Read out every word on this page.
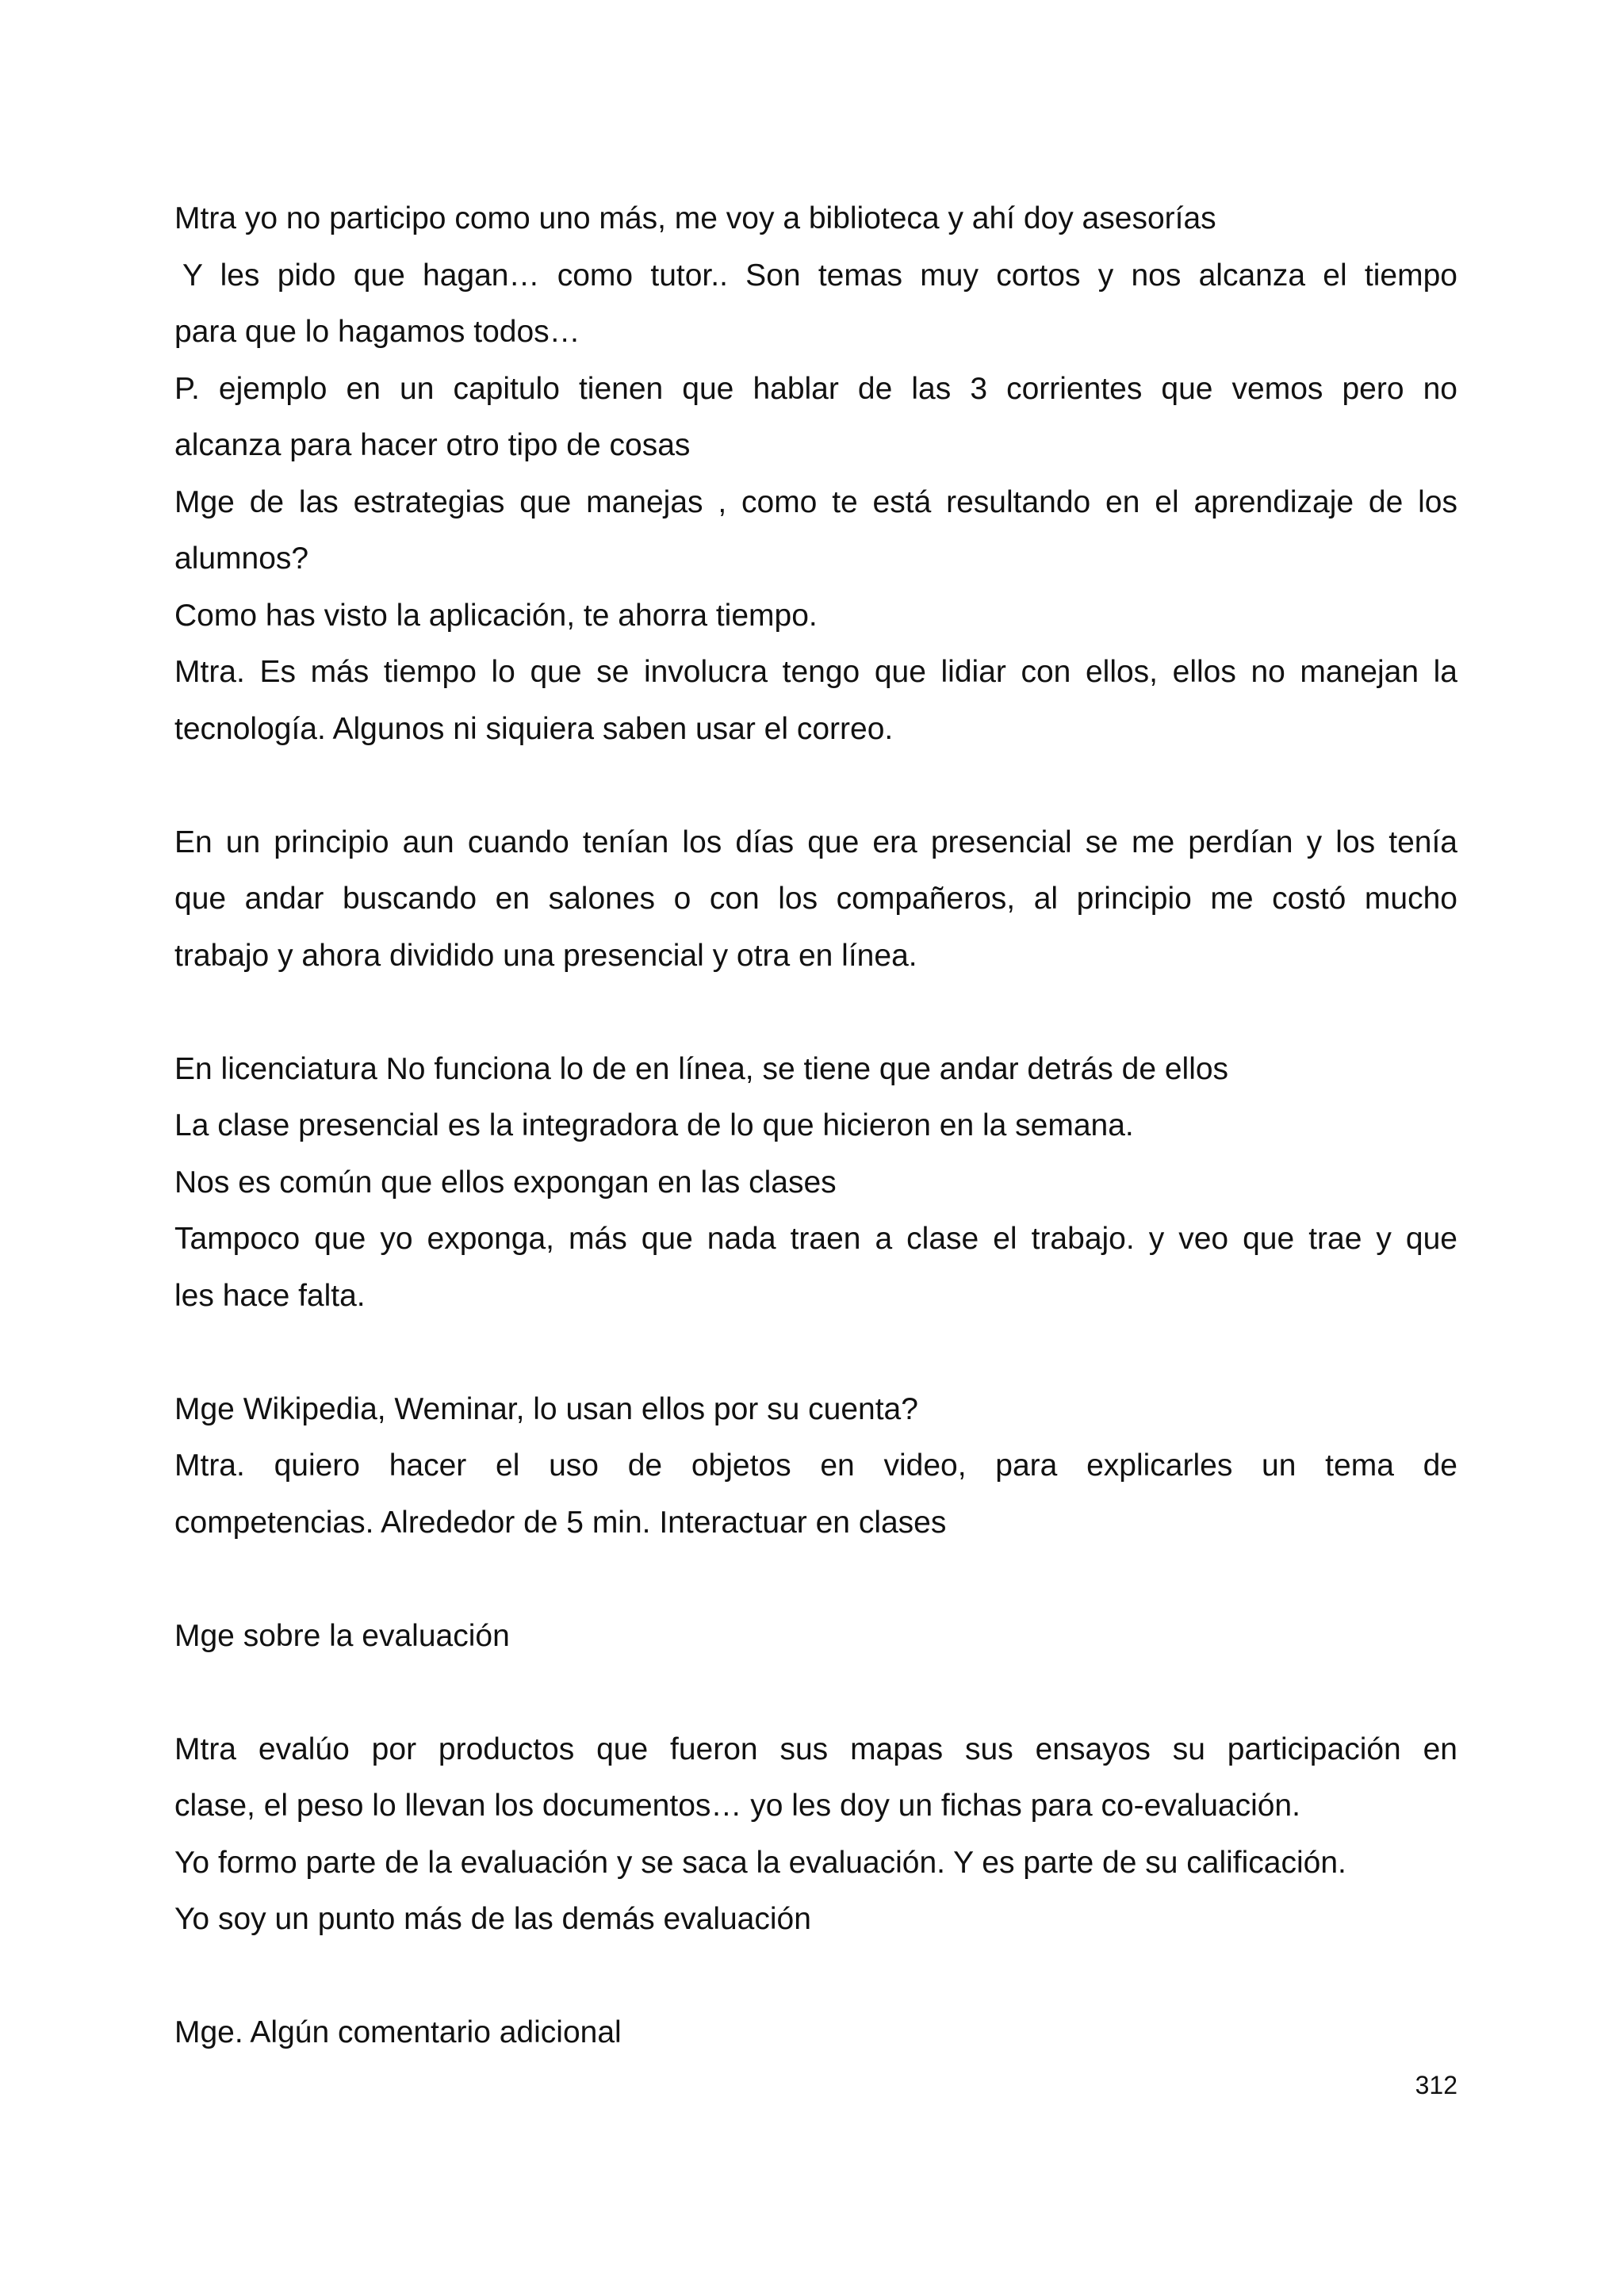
Mtra yo no participo como uno más, me voy a biblioteca y ahí doy asesorías
Y les pido que hagan… como tutor.. Son temas muy cortos y nos alcanza el tiempo
para que lo hagamos todos…
P. ejemplo en un capitulo tienen que hablar de las 3 corrientes que vemos pero no
alcanza para hacer otro tipo de cosas
Mge de las estrategias que manejas , como te está resultando en el aprendizaje de los
alumnos?
Como has visto la aplicación, te ahorra tiempo.
Mtra. Es más tiempo lo que se involucra tengo que lidiar con ellos, ellos no manejan la
tecnología. Algunos ni siquiera saben usar el correo.
En un principio aun cuando tenían los días que era presencial se me perdían y los tenía
que andar buscando en salones o con los compañeros, al principio me costó mucho
trabajo y ahora dividido una presencial y otra en línea.
En licenciatura No funciona lo de en línea, se tiene que andar detrás de ellos
La clase presencial es la integradora de lo que hicieron en la semana.
Nos es común que ellos expongan en las clases
Tampoco que yo exponga, más que nada traen a clase el trabajo. y veo que trae y que
les hace falta.
Mge Wikipedia, Weminar, lo usan ellos por su cuenta?
Mtra. quiero hacer el uso de objetos en video, para explicarles un tema de
competencias. Alrededor de 5 min. Interactuar en clases
Mge sobre la evaluación
Mtra evalúo por productos que fueron sus mapas sus ensayos su participación en
clase, el peso lo llevan los documentos… yo les doy un fichas para co-evaluación.
Yo formo parte de la evaluación y se saca la evaluación. Y es parte de su calificación.
Yo soy un punto más de las demás evaluación
Mge. Algún comentario adicional
312
